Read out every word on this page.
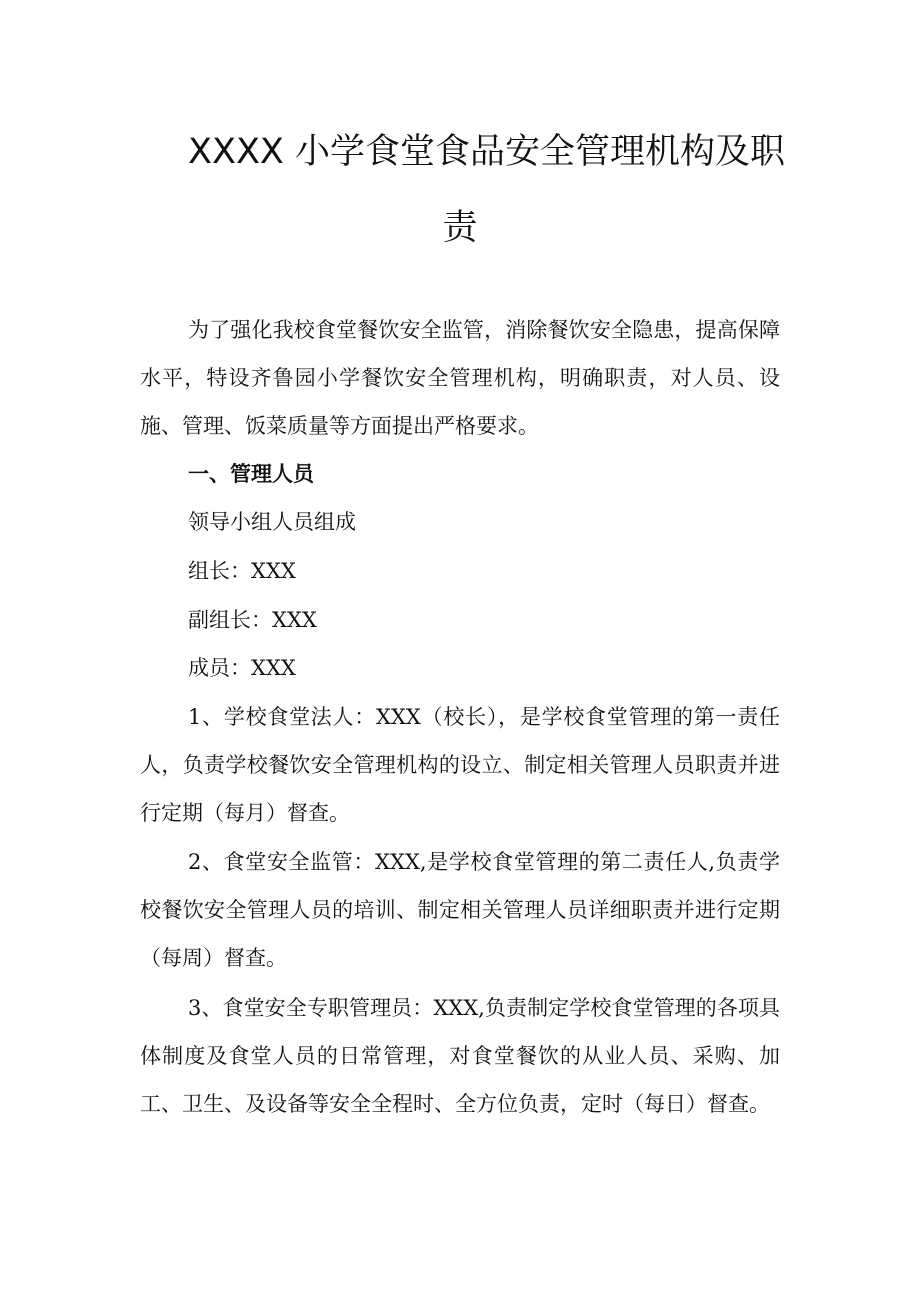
XXXX 小学食堂食品安全管理机构及职
责
为了强化我校食堂餐饮安全监管，消除餐饮安全隐患，提高保障水平，特设齐鲁园小学餐饮安全管理机构，明确职责，对人员、设施、管理、饭菜质量等方面提出严格要求。
一、管理人员
领导小组人员组成
组长：XXX
副组长：XXX
成员：XXX
1、学校食堂法人：XXX（校长），是学校食堂管理的第一责任人，负责学校餐饮安全管理机构的设立、制定相关管理人员职责并进行定期（每月）督查。
2、食堂安全监管：XXX,是学校食堂管理的第二责任人,负责学校餐饮安全管理人员的培训、制定相关管理人员详细职责并进行定期（每周）督查。
3、食堂安全专职管理员：XXX,负责制定学校食堂管理的各项具体制度及食堂人员的日常管理，对食堂餐饮的从业人员、采购、加工、卫生、及设备等安全全程时、全方位负责，定时（每日）督查。
